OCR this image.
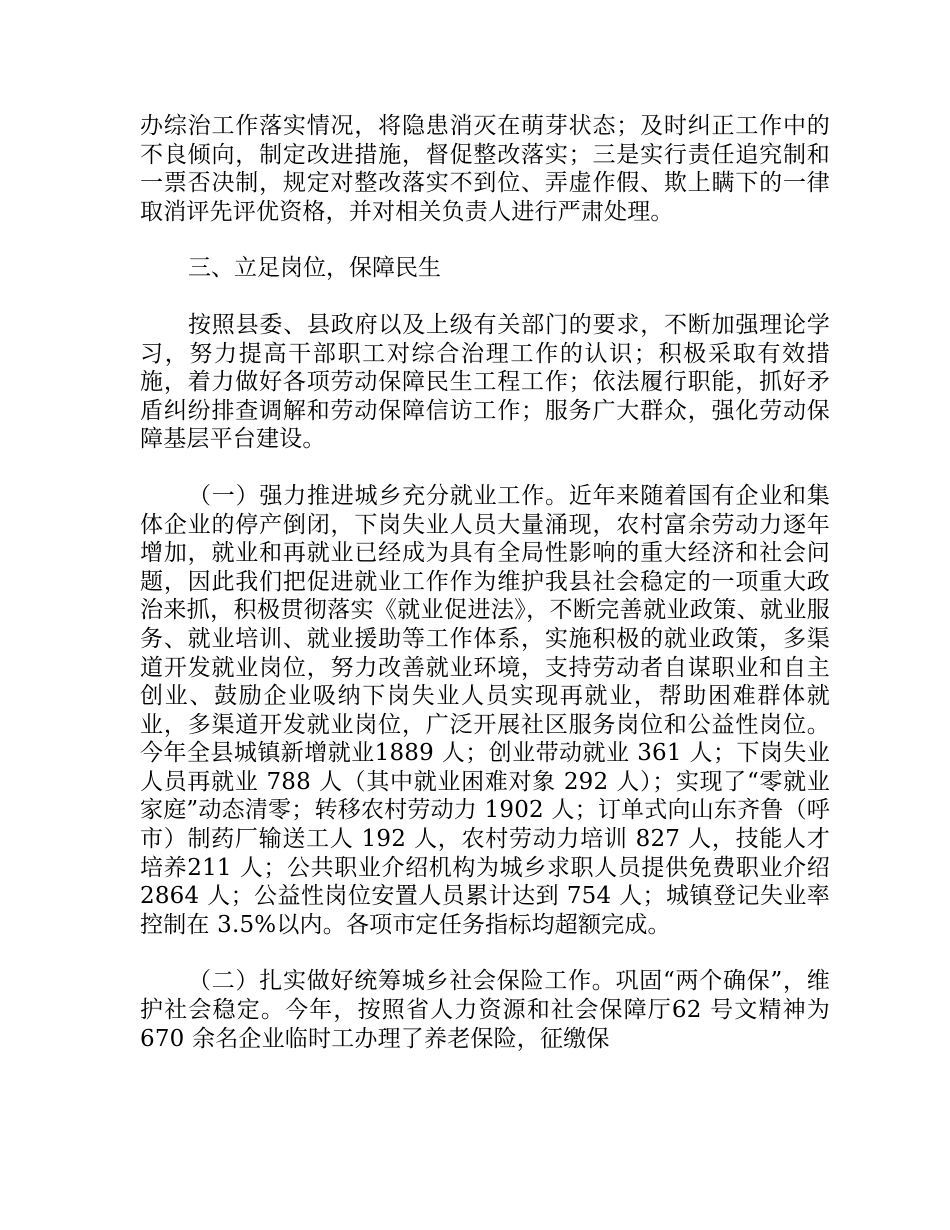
办综治工作落实情况，将隐患消灭在萌芽状态；及时纠正工作中的不良倾向，制定改进措施，督促整改落实；三是实行责任追究制和一票否决制，规定对整改落实不到位、弄虚作假、欺上瞒下的一律取消评先评优资格，并对相关负责人进行严肃处理。

三、立足岗位，保障民生

按照县委、县政府以及上级有关部门的要求，不断加强理论学习，努力提高干部职工对综合治理工作的认识；积极采取有效措施，着力做好各项劳动保障民生工程工作；依法履行职能，抓好矛盾纠纷排查调解和劳动保障信访工作；服务广大群众，强化劳动保障基层平台建设。

（一）强力推进城乡充分就业工作。近年来随着国有企业和集体企业的停产倒闭，下岗失业人员大量涌现，农村富余劳动力逐年增加，就业和再就业已经成为具有全局性影响的重大经济和社会问题，因此我们把促进就业工作作为维护我县社会稳定的一项重大政治来抓，积极贯彻落实《就业促进法》，不断完善就业政策、就业服务、就业培训、就业援助等工作体系，实施积极的就业政策，多渠道开发就业岗位，努力改善就业环境，支持劳动者自谋职业和自主创业、鼓励企业吸纳下岗失业人员实现再就业，帮助困难群体就业，多渠道开发就业岗位，广泛开展社区服务岗位和公益性岗位。今年全县城镇新增就业1889 人；创业带动就业 361 人；下岗失业人员再就业 788 人（其中就业困难对象 292 人）；实现了“零就业家庭”动态清零；转移农村劳动力 1902 人；订单式向山东齐鲁（呼市）制药厂输送工人 192 人，农村劳动力培训 827 人，技能人才培养211 人；公共职业介绍机构为城乡求职人员提供免费职业介绍2864 人；公益性岗位安置人员累计达到 754 人；城镇登记失业率控制在 3.5%以内。各项市定任务指标均超额完成。

（二）扎实做好统筹城乡社会保险工作。巩固“两个确保”，维护社会稳定。今年，按照省人力资源和社会保障厅62 号文精神为 670 余名企业临时工办理了养老保险，征缴保
